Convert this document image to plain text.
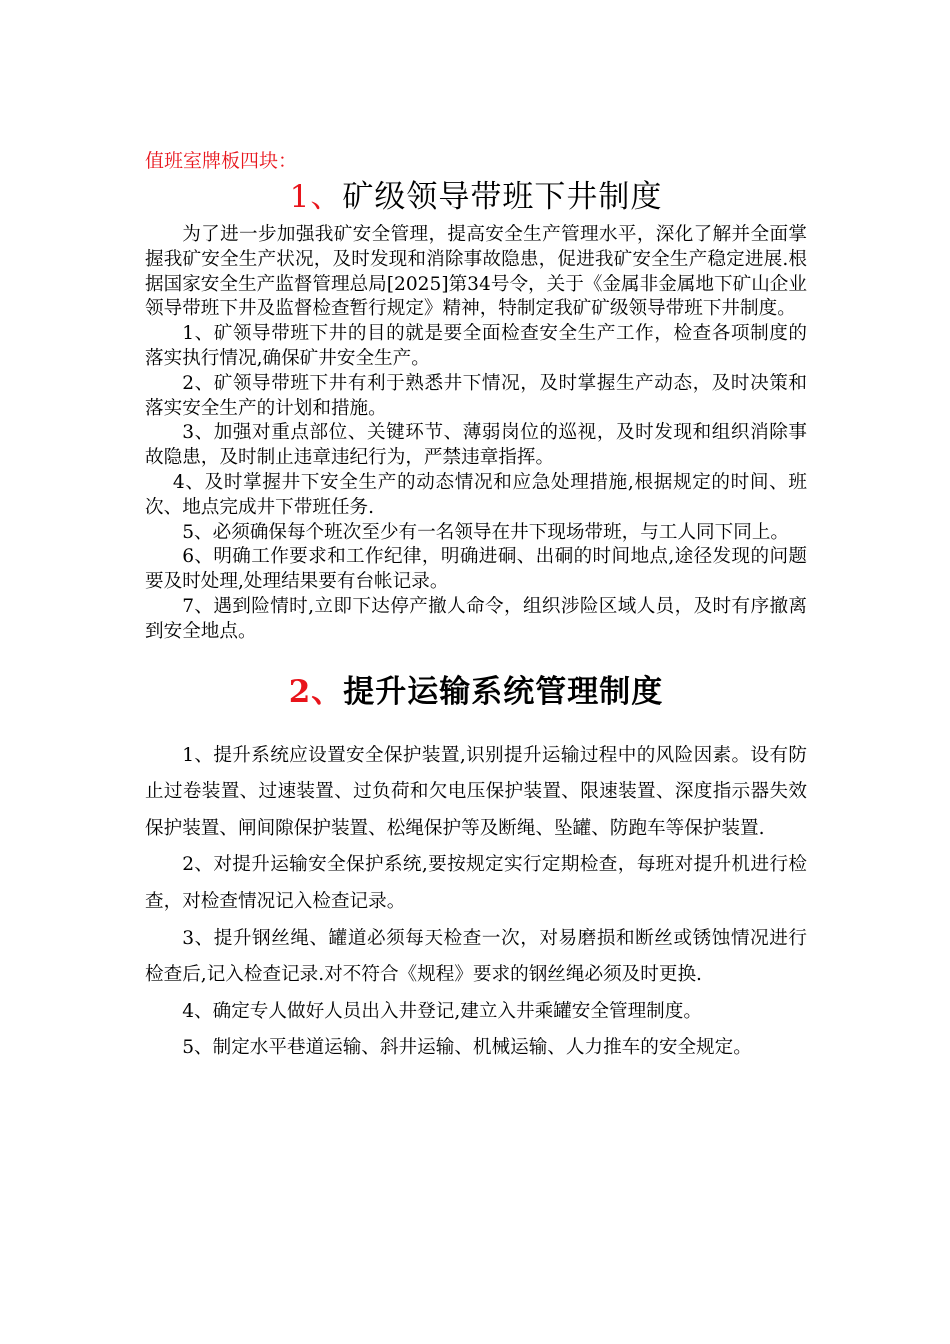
值班室牌板四块：

1、矿级领导带班下井制度

为了进一步加强我矿安全管理，提高安全生产管理水平，深化了解并全面掌握我矿安全生产状况，及时发现和消除事故隐患，促进我矿安全生产稳定进展.根据国家安全生产监督管理总局[2025]第34号令，关于《金属非金属地下矿山企业领导带班下井及监督检查暂行规定》精神，特制定我矿矿级领导带班下井制度。

1、矿领导带班下井的目的就是要全面检查安全生产工作，检查各项制度的落实执行情况,确保矿井安全生产。

2、矿领导带班下井有利于熟悉井下情况，及时掌握生产动态，及时决策和落实安全生产的计划和措施。

3、加强对重点部位、关键环节、薄弱岗位的巡视，及时发现和组织消除事故隐患，及时制止违章违纪行为，严禁违章指挥。

4、及时掌握井下安全生产的动态情况和应急处理措施,根据规定的时间、班次、地点完成井下带班任务.

5、必须确保每个班次至少有一名领导在井下现场带班，与工人同下同上。

6、明确工作要求和工作纪律，明确进硐、出硐的时间地点,途径发现的问题要及时处理,处理结果要有台帐记录。

7、遇到险情时,立即下达停产撤人命令，组织涉险区域人员，及时有序撤离到安全地点。

2、提升运输系统管理制度

1、提升系统应设置安全保护装置,识别提升运输过程中的风险因素。设有防止过卷装置、过速装置、过负荷和欠电压保护装置、限速装置、深度指示器失效保护装置、闸间隙保护装置、松绳保护等及断绳、坠罐、防跑车等保护装置.

2、对提升运输安全保护系统,要按规定实行定期检查，每班对提升机进行检查，对检查情况记入检查记录。

3、提升钢丝绳、罐道必须每天检查一次，对易磨损和断丝或锈蚀情况进行检查后,记入检查记录.对不符合《规程》要求的钢丝绳必须及时更换.

4、确定专人做好人员出入井登记,建立入井乘罐安全管理制度。

5、制定水平巷道运输、斜井运输、机械运输、人力推车的安全规定。
